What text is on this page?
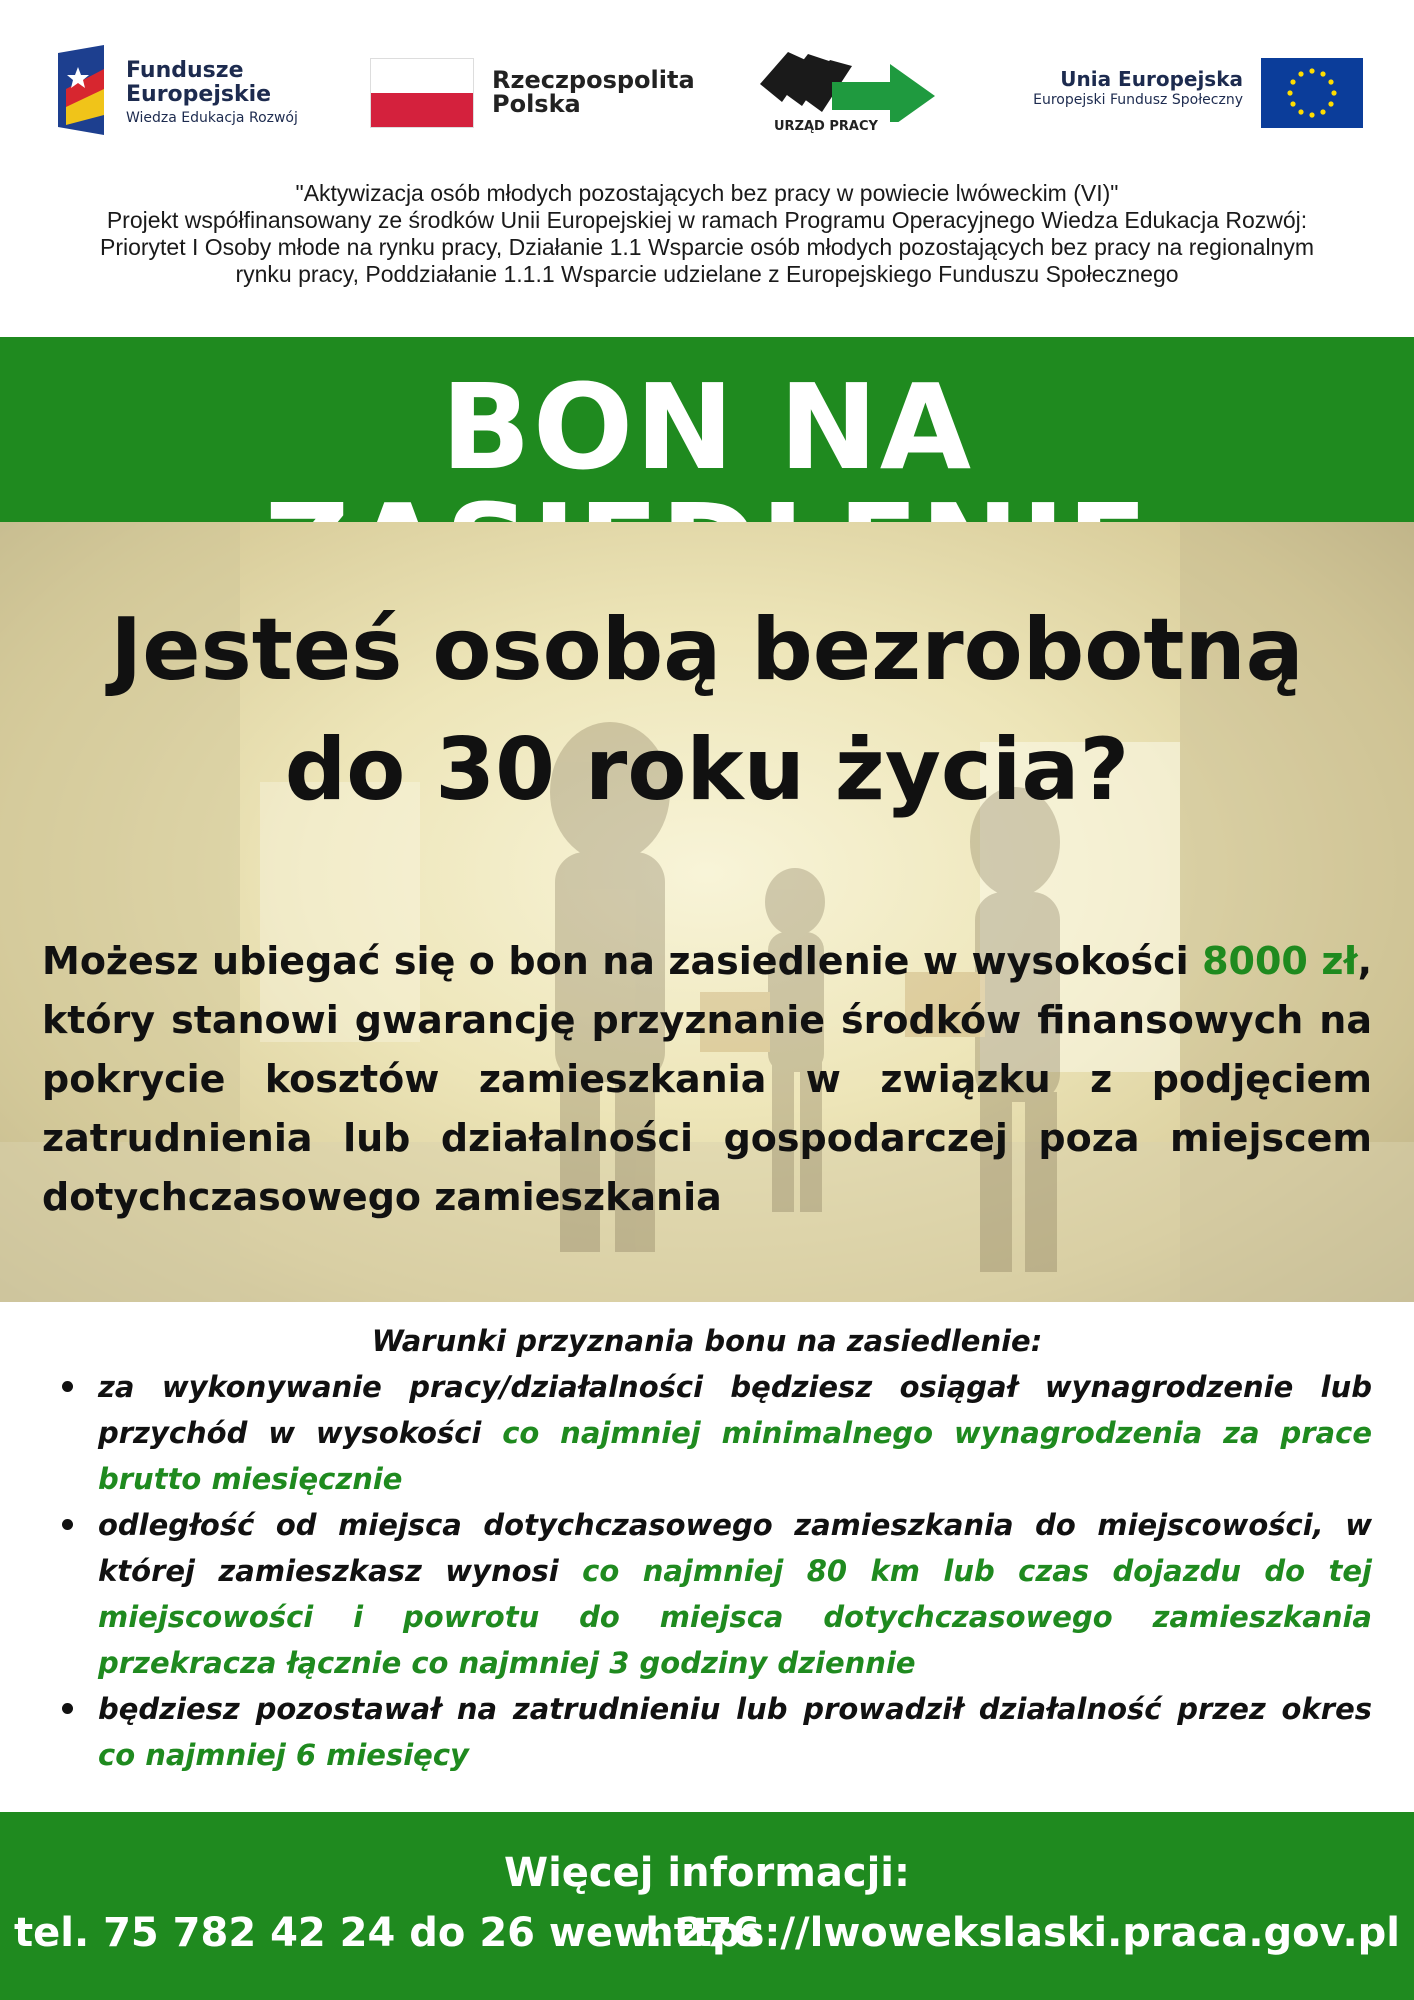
Fundusze
Europejskie
Wiedza Edukacja Rozwój
Rzeczpospolita
Polska
URZĄD PRACY
Unia Europejska
Europejski Fundusz Społeczny
"Aktywizacja osób młodych pozostających bez pracy w powiecie lwóweckim (VI)"
Projekt współfinansowany ze środków Unii Europejskiej w ramach Programu Operacyjnego Wiedza Edukacja Rozwój:
Priorytet I Osoby młode na rynku pracy, Działanie 1.1 Wsparcie osób młodych pozostających bez pracy na regionalnym
rynku pracy, Poddziałanie 1.1.1 Wsparcie udzielane z Europejskiego Funduszu Społecznego
BON NA
Jesteś osobą bezrobotną
do 30 roku życia?
Możesz ubiegać się o bon na zasiedlenie w wysokości 8000 zł, który stanowi gwarancję przyznanie środków finansowych na pokrycie kosztów zamieszkania w związku z podjęciem zatrudnienia lub działalności gospodarczej poza miejscem dotychczasowego zamieszkania
Warunki przyznania bonu na zasiedlenie:
za wykonywanie pracy/działalności będziesz osiągał wynagrodzenie lub przychód w wysokości co najmniej minimalnego wynagrodzenia za prace brutto miesięcznie
odległość od miejsca dotychczasowego zamieszkania do miejscowości, w której zamieszkasz wynosi co najmniej 80 km lub czas dojazdu do tej miejscowości i powrotu do miejsca dotychczasowego zamieszkania przekracza łącznie co najmniej 3 godziny dziennie
będziesz pozostawał na zatrudnieniu lub prowadził działalność przez okres co najmniej 6 miesięcy
Więcej informacji:
tel. 75 782 42 24 do 26 wew. 276
https://lwowekslaski.praca.gov.pl
